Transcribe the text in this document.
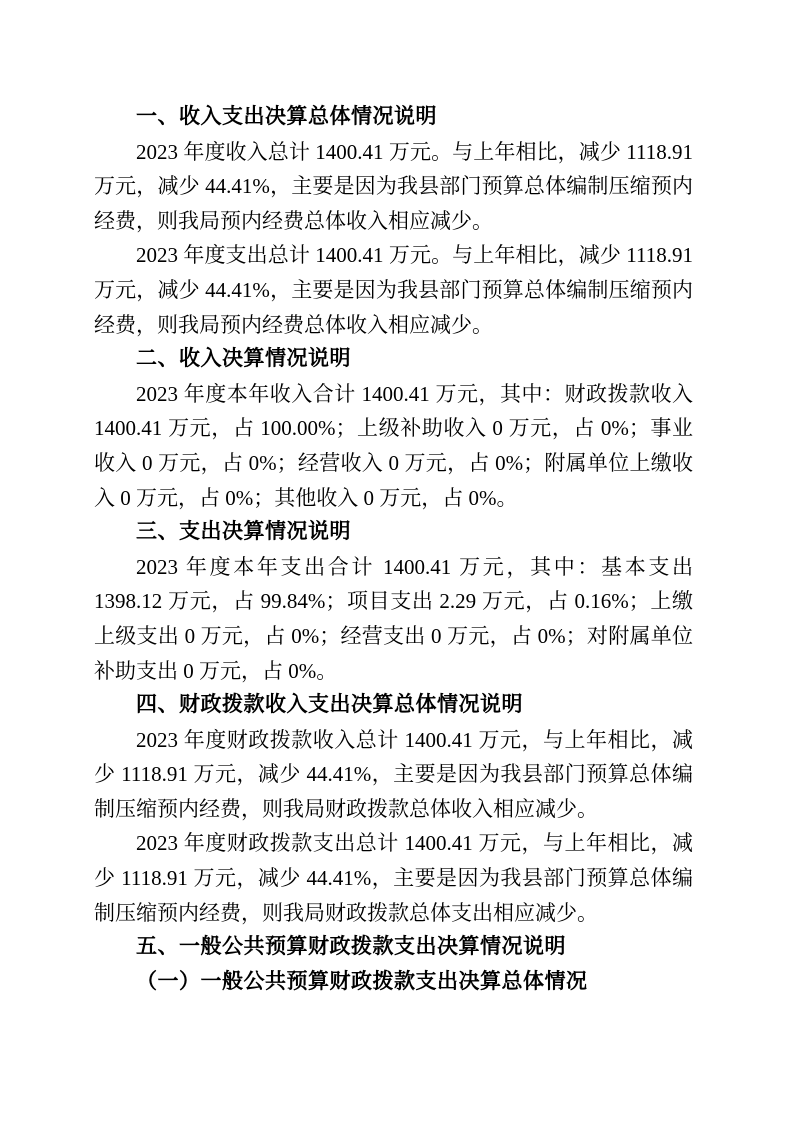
一、收入支出决算总体情况说明

2023 年度收入总计 1400.41 万元。与上年相比，减少 1118.91 万元，减少 44.41%，主要是因为我县部门预算总体编制压缩预内经费，则我局预内经费总体收入相应减少。

2023 年度支出总计 1400.41 万元。与上年相比，减少 1118.91 万元，减少 44.41%，主要是因为我县部门预算总体编制压缩预内经费，则我局预内经费总体收入相应减少。

二、收入决算情况说明

2023 年度本年收入合计 1400.41 万元，其中：财政拨款收入 1400.41 万元，占 100.00%；上级补助收入 0 万元，占 0%；事业收入 0 万元，占 0%；经营收入 0 万元，占 0%；附属单位上缴收入 0 万元，占 0%；其他收入 0 万元，占 0%。

三、支出决算情况说明

2023 年度本年支出合计 1400.41 万元，其中：基本支出 1398.12 万元，占 99.84%；项目支出 2.29 万元，占 0.16%；上缴上级支出 0 万元，占 0%；经营支出 0 万元，占 0%；对附属单位补助支出 0 万元，占 0%。

四、财政拨款收入支出决算总体情况说明

2023 年度财政拨款收入总计 1400.41 万元，与上年相比，减少 1118.91 万元，减少 44.41%，主要是因为我县部门预算总体编制压缩预内经费，则我局财政拨款总体收入相应减少。

2023 年度财政拨款支出总计 1400.41 万元，与上年相比，减少 1118.91 万元，减少 44.41%，主要是因为我县部门预算总体编制压缩预内经费，则我局财政拨款总体支出相应减少。

五、一般公共预算财政拨款支出决算情况说明
（一）一般公共预算财政拨款支出决算总体情况
